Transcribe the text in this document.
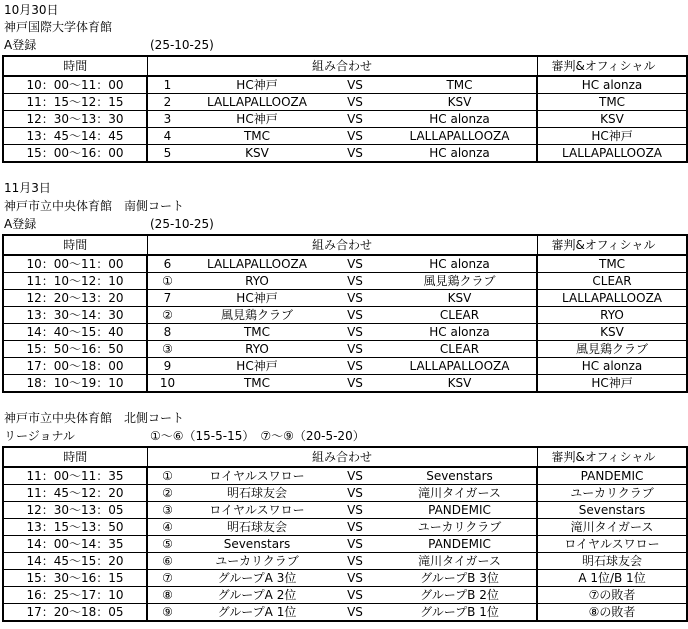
10月30日
神戸国際大学体育館
A登録	(25-10-25)
時間	組み合わせ				審判&オフィシャル
10：00～11：00	1	HC神戸	VS	TMC	HC alonza
11：15～12：15	2	LALLAPALLOOZA	VS	KSV	TMC
12：30～13：30	3	HC神戸	VS	HC alonza	KSV
13：45～14：45	4	TMC	VS	LALLAPALLOOZA	HC神戸
15：00～16：00	5	KSV	VS	HC alonza	LALLAPALLOOZA
11月3日
神戸市立中央体育館　南側コート
A登録	(25-10-25)
時間	組み合わせ				審判&オフィシャル
10：00～11：00	6	LALLAPALLOOZA	VS	HC alonza	TMC
11：10～12：10	①	RYO	VS	風見鶏クラブ	CLEAR
12：20～13：20	7	HC神戸	VS	KSV	LALLAPALLOOZA
13：30～14：30	②	風見鶏クラブ	VS	CLEAR	RYO
14：40～15：40	8	TMC	VS	HC alonza	KSV
15：50～16：50	③	RYO	VS	CLEAR	風見鶏クラブ
17：00～18：00	9	HC神戸	VS	LALLAPALLOOZA	HC alonza
18：10～19：10	10	TMC	VS	KSV	HC神戸
神戸市立中央体育館　北側コート
リージョナル	①～⑥（15-5-15）　⑦～⑨（20-5-20）
時間	組み合わせ				審判&オフィシャル
11：00～11：35	①	ロイヤルスワロー	VS	Sevenstars	PANDEMIC
11：45～12：20	②	明石球友会	VS	滝川タイガース	ユーカリクラブ
12：30～13：05	③	ロイヤルスワロー	VS	PANDEMIC	Sevenstars
13：15～13：50	④	明石球友会	VS	ユーカリクラブ	滝川タイガース
14：00～14：35	⑤	Sevenstars	VS	PANDEMIC	ロイヤルスワロー
14：45～15：20	⑥	ユーカリクラブ	VS	滝川タイガース	明石球友会
15：30～16：15	⑦	グループA 3位	VS	グループB 3位	A 1位/B 1位
16：25～17：10	⑧	グループA 2位	VS	グループB 2位	⑦の敗者
17：20～18：05	⑨	グループA 1位	VS	グループB 1位	⑧の敗者
